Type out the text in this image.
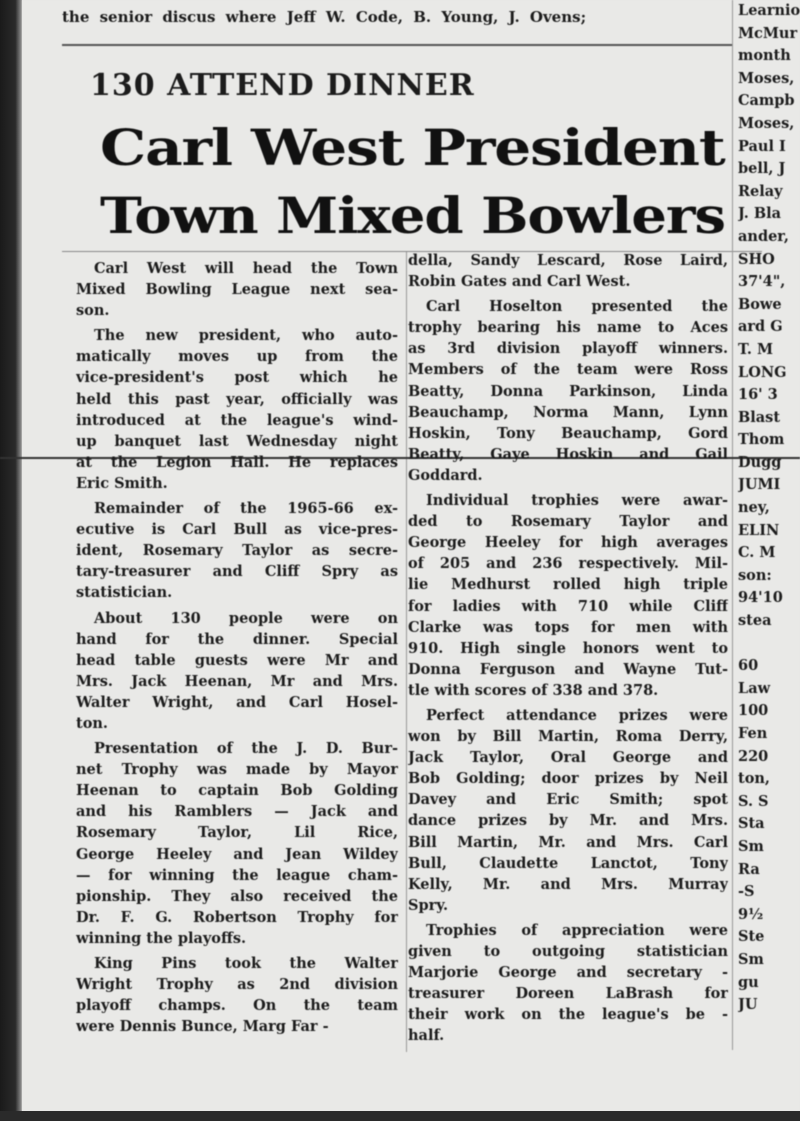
the senior discus where Jeff W. Code, B. Young, J. Ovens;
130 ATTEND DINNER
Carl West President
Town Mixed Bowlers
Carl West will head the Town
Mixed Bowling League next sea-
son.
The new president, who auto-
matically moves up from the
vice-president's post which he
held this past year, officially was
introduced at the league's wind-
up banquet last Wednesday night
at the Legion Hall. He replaces
Eric Smith.
Remainder of the 1965-66 ex-
ecutive is Carl Bull as vice-pres-
ident, Rosemary Taylor as secre-
tary-treasurer and Cliff Spry as
statistician.
About 130 people were on
hand for the dinner. Special
head table guests were Mr and
Mrs. Jack Heenan, Mr and Mrs.
Walter Wright, and Carl Hosel-
ton.
Presentation of the J. D. Bur-
net Trophy was made by Mayor
Heenan to captain Bob Golding
and his Ramblers — Jack and
Rosemary Taylor, Lil Rice,
George Heeley and Jean Wildey
— for winning the league cham-
pionship. They also received the
Dr. F. G. Robertson Trophy for
winning the playoffs.
King Pins took the Walter
Wright Trophy as 2nd division
playoff champs. On the team
were Dennis Bunce, Marg Far -
della, Sandy Lescard, Rose Laird,
Robin Gates and Carl West.
Carl Hoselton presented the
trophy bearing his name to Aces
as 3rd division playoff winners.
Members of the team were Ross
Beatty, Donna Parkinson, Linda
Beauchamp, Norma Mann, Lynn
Hoskin, Tony Beauchamp, Gord
Beatty, Gaye Hoskin and Gail
Goddard.
Individual trophies were awar-
ded to Rosemary Taylor and
George Heeley for high averages
of 205 and 236 respectively. Mil-
lie Medhurst rolled high triple
for ladies with 710 while Cliff
Clarke was tops for men with
910. High single honors went to
Donna Ferguson and Wayne Tut-
tle with scores of 338 and 378.
Perfect attendance prizes were
won by Bill Martin, Roma Derry,
Jack Taylor, Oral George and
Bob Golding; door prizes by Neil
Davey and Eric Smith; spot
dance prizes by Mr. and Mrs.
Bill Martin, Mr. and Mrs. Carl
Bull, Claudette Lanctot, Tony
Kelly, Mr. and Mrs. Murray
Spry.
Trophies of appreciation were
given to outgoing statistician
Marjorie George and secretary -
treasurer Doreen LaBrash for
their work on the league's be -
half.
Learnio
McMur
month
Moses,
Campb
Moses,
Paul I
bell, J
Relay
J. Bla
ander,
SHO
37'4",
Bowe
ard G
T. M
LONG
16' 3
Blast
Thom
Dugg
JUMI
ney,
ELIN
C. M
son:
94'10
stea
60
Law
100
Fen
220
ton,
S. S
Sta
Sm
Ra
-S
9½
Ste
Sm
gu
JU
